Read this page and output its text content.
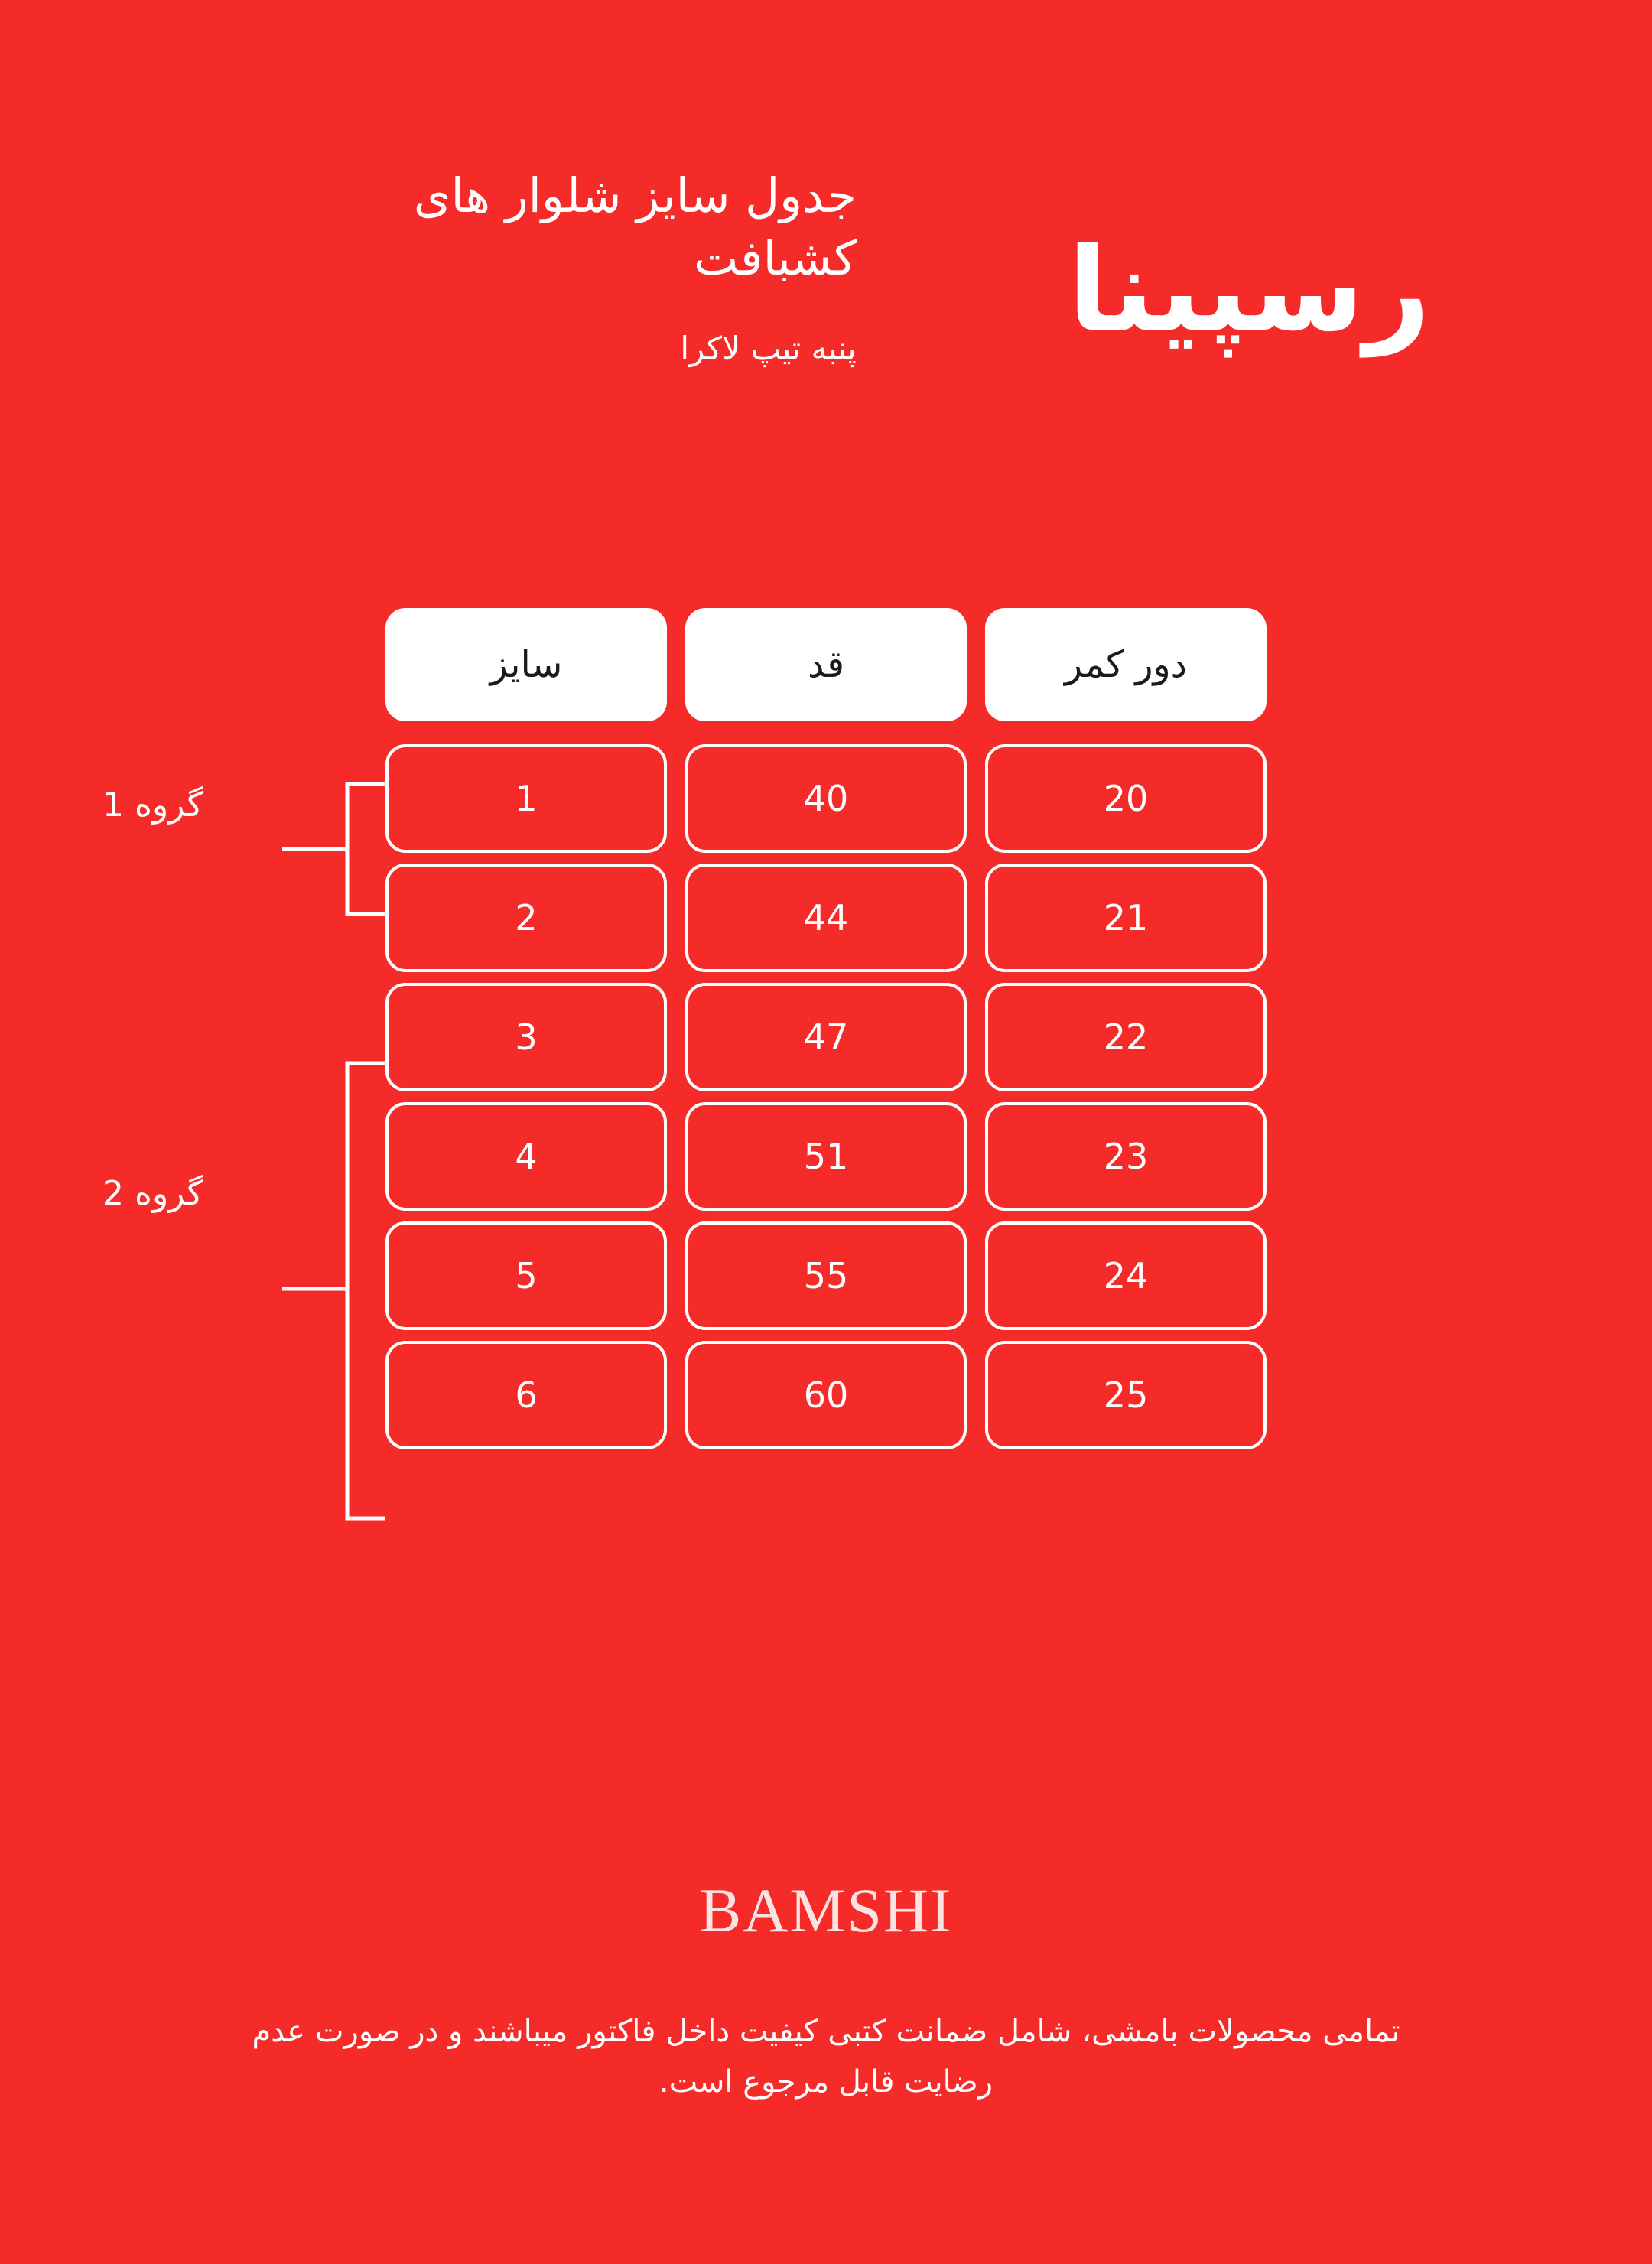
رسپینا
جدول سایز شلوار های کشبافت
پنبه تیپ لاکرا
گروه 1
گروه 2
دور کمر
قد
سایز
20
40
1
21
44
2
22
47
3
23
51
4
24
55
5
25
60
6
BAMSHI
تمامی محصولات بامشی، شامل ضمانت کتبی کیفیت داخل فاکتور میباشند و در صورت عدم رضایت قابل مرجوع است.
